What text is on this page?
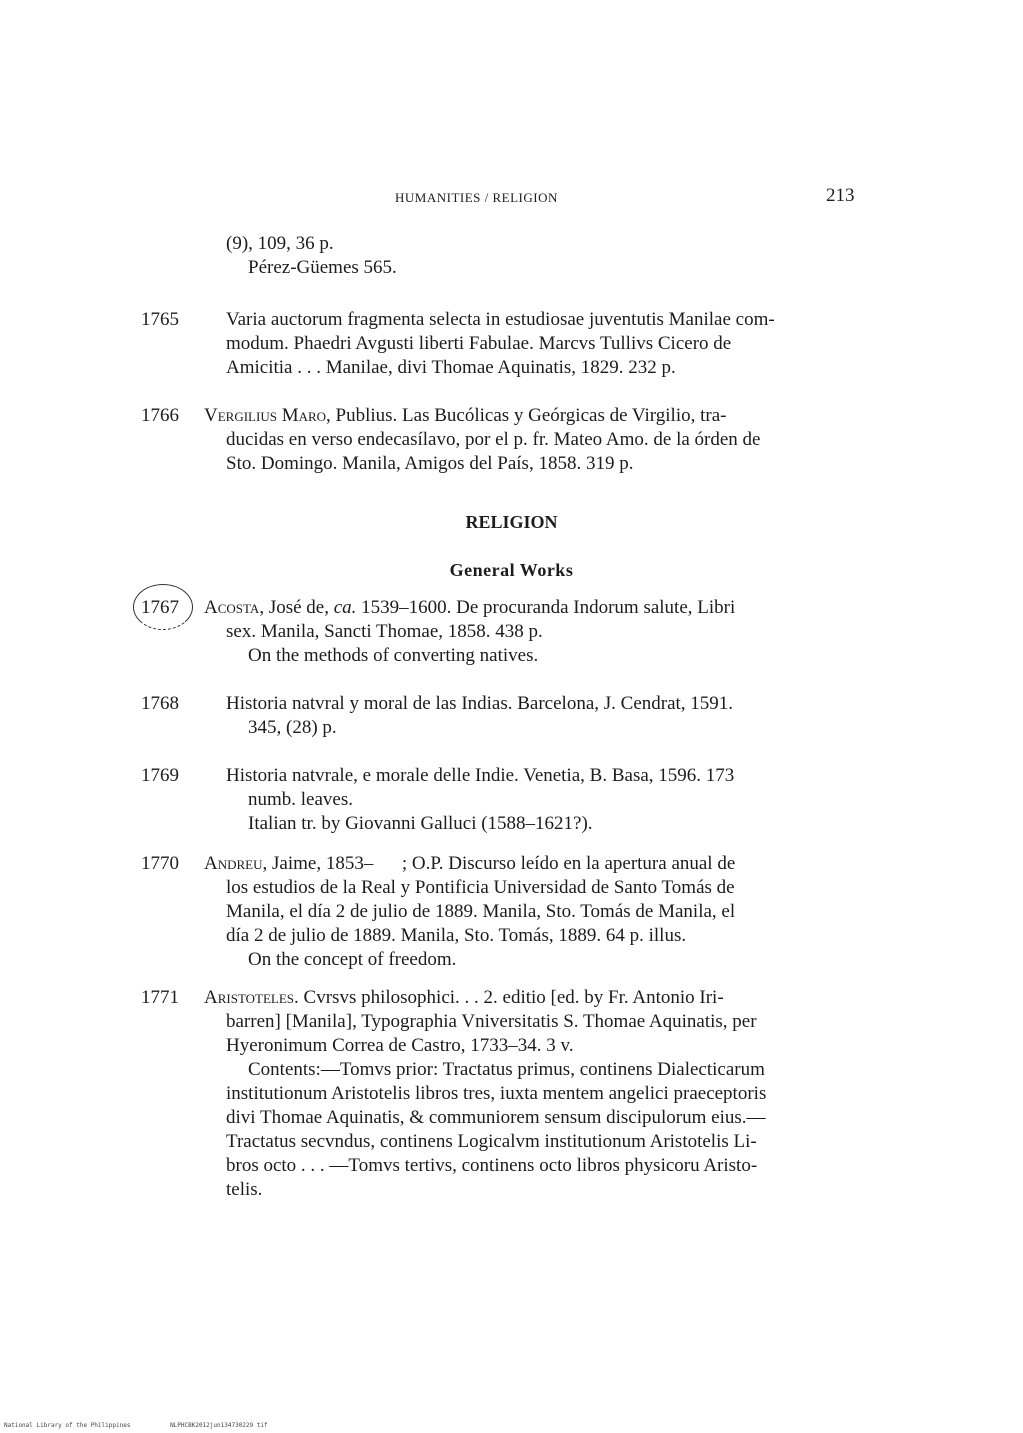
HUMANITIES / RELIGION	213
(9), 109, 36 p.
Pérez-Güemes 565.
1765 Varia auctorum fragmenta selecta in estudiosae juventutis Manilae com-
modum. Phaedri Avgusti liberti Fabulae. Marcvs Tullivs Cicero de
Amicitia . . . Manilae, divi Thomae Aquinatis, 1829. 232 p.
1766 Vergilius Maro, Publius. Las Bucólicas y Geórgicas de Virgilio, tra-
ducidas en verso endecasílavo, por el p. fr. Mateo Amo. de la órden de
Sto. Domingo. Manila, Amigos del País, 1858. 319 p.
RELIGION
General Works
1767 Acosta, José de, ca. 1539–1600. De procuranda Indorum salute, Libri
sex. Manila, Sancti Thomae, 1858. 438 p.
On the methods of converting natives.
1768 Historia natvral y moral de las Indias. Barcelona, J. Cendrat, 1591.
345, (28) p.
1769 Historia natvrale, e morale delle Indie. Venetia, B. Basa, 1596. 173
numb. leaves.
Italian tr. by Giovanni Galluci (1588–1621?).
1770 Andreu, Jaime, 1853–      ; O.P. Discurso leído en la apertura anual de
los estudios de la Real y Pontificia Universidad de Santo Tomás de
Manila, el día 2 de julio de 1889. Manila, Sto. Tomás de Manila, el
día 2 de julio de 1889. Manila, Sto. Tomás, 1889. 64 p. illus.
On the concept of freedom.
1771 Aristoteles. Cvrsvs philosophici. . . 2. editio [ed. by Fr. Antonio Iri-
barren] [Manila], Typographia Vniversitatis S. Thomae Aquinatis, per
Hyeronimum Correa de Castro, 1733–34. 3 v.
Contents:—Tomvs prior: Tractatus primus, continens Dialecticarum
institutionum Aristotelis libros tres, iuxta mentem angelici praeceptoris
divi Thomae Aquinatis, & communiorem sensum discipulorum eius.—
Tractatus secvndus, continens Logicalvm institutionum Aristotelis Li-
bros octo . . . —Tomvs tertivs, continens octo libros physicoru Aristo-
telis.
National Library of the Philippines	NLPHCBK2012jun134730229 tif
